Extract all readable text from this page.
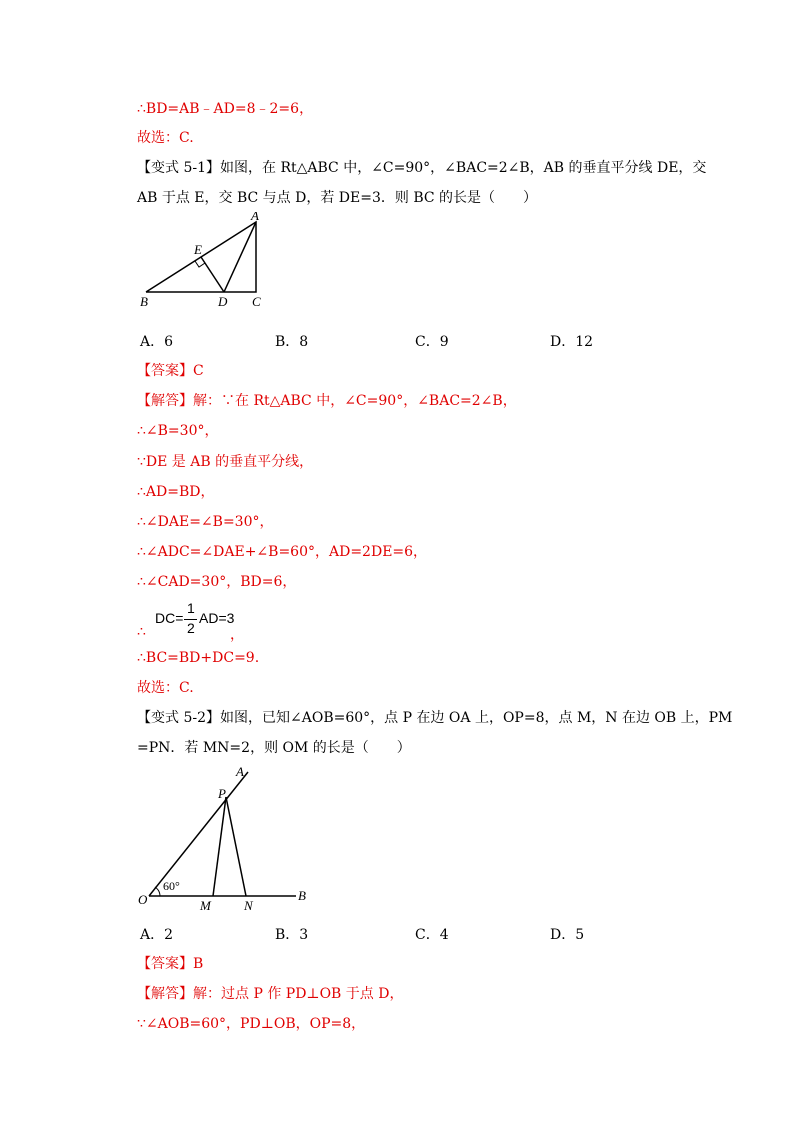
∴BD=AB﹣AD=8﹣2=6，
故选：C.
【变式 5-1】如图，在 Rt△ABC 中，∠C=90°，∠BAC=2∠B，AB 的垂直平分线 DE，交
AB 于点 E，交 BC 与点 D，若 DE=3．则 BC 的长是（　　）
A
E
B	D C
A．6	B．8	C．9	D．12
【答案】C
【解答】解：∵在 Rt△ABC 中，∠C=90°，∠BAC=2∠B，
∴∠B=30°，
∵DE 是 AB 的垂直平分线，
∴AD=BD，
∴∠DAE=∠B=30°，
∴∠ADC=∠DAE+∠B=60°，AD=2DE=6，
∴∠CAD=30°，BD=6，
∴
DC=
1
2
AD=3
，
∴BC=BD+DC=9.
故选：C.
【变式 5-2】如图，已知∠AOB=60°，点 P 在边 OA 上，OP=8，点 M，N 在边 OB 上，PM
=PN．若 MN=2，则 OM 的长是（　　）
A
P
O
60°
M	N
B
A．2	B．3	C．4	D．5
【答案】B
【解答】解：过点 P 作 PD⊥OB 于点 D，
∵∠AOB=60°，PD⊥OB，OP=8，
